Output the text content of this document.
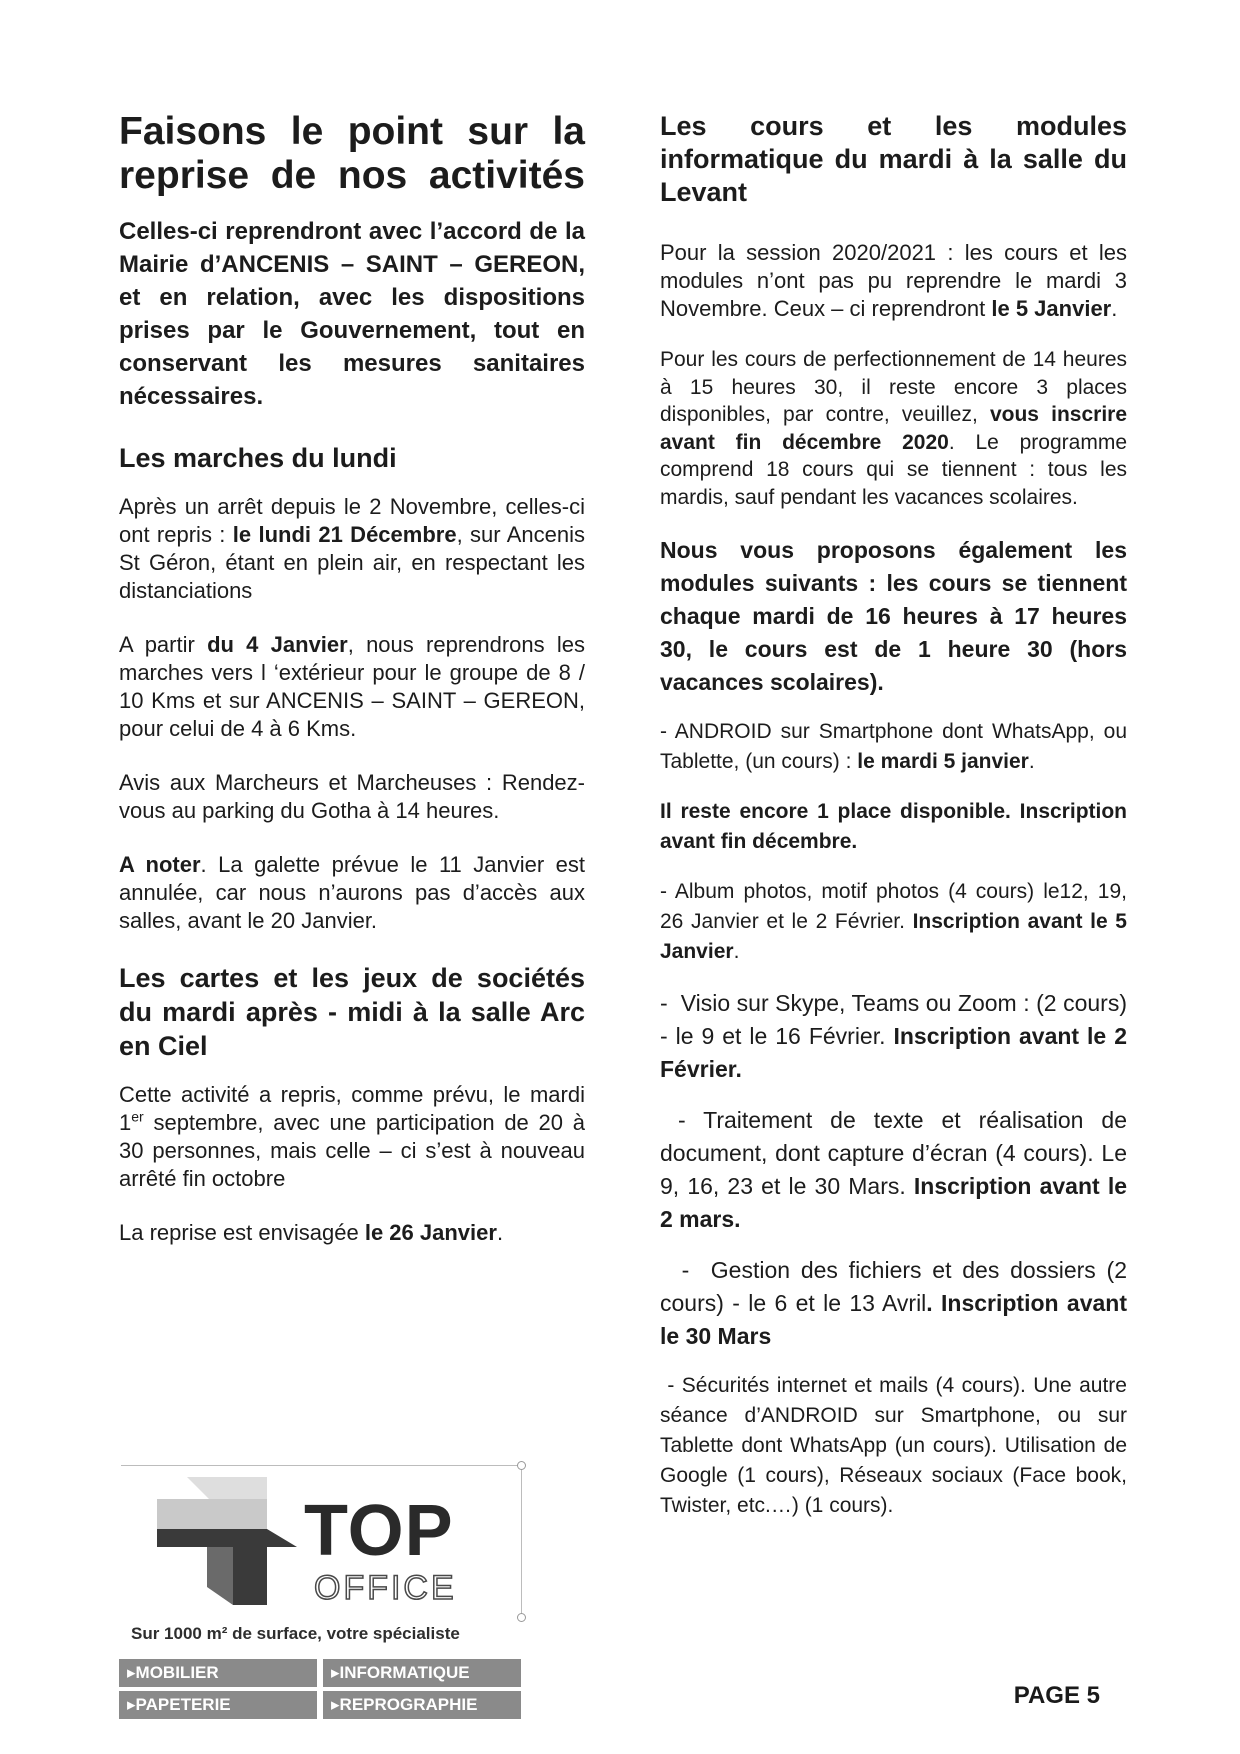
Faisons le point sur la
reprise de nos activités

Celles-ci reprendront avec l’accord de la Mairie d’ANCENIS – SAINT – GEREON, et en relation, avec les dispositions prises par le Gouvernement, tout en conservant les mesures sanitaires nécessaires.

Les marches du lundi

Après un arrêt depuis le 2 Novembre, celles-ci ont repris : le lundi 21 Décembre, sur Ancenis St Géron, étant en plein air, en respectant les distanciations

A partir du 4 Janvier, nous reprendrons les marches vers l ‘extérieur pour le groupe de 8 / 10 Kms et sur ANCENIS – SAINT – GEREON, pour celui de 4 à 6 Kms.

Avis aux Marcheurs et Marcheuses : Rendez-vous au parking du Gotha à 14 heures.

A noter. La galette prévue le 11 Janvier est annulée, car nous n’aurons pas d’accès aux salles, avant le 20 Janvier.

Les cartes et les jeux de sociétés du mardi après - midi à la salle Arc en Ciel

Cette activité a repris, comme prévu, le mardi 1er septembre, avec une participation de 20 à 30 personnes, mais celle – ci s’est à nouveau arrêté fin octobre

La reprise est envisagée le 26 Janvier.

Les cours et les modules informatique du mardi à la salle du Levant

Pour la session 2020/2021 : les cours et les modules n’ont pas pu reprendre le mardi 3 Novembre. Ceux – ci reprendront le 5 Janvier.

Pour les cours de perfectionnement de 14 heures à 15 heures 30, il reste encore 3 places disponibles, par contre, veuillez, vous inscrire avant fin décembre 2020. Le programme comprend 18 cours qui se tiennent : tous les mardis, sauf pendant les vacances scolaires.

Nous vous proposons également les modules suivants : les cours se tiennent chaque mardi de 16 heures à 17 heures 30, le cours est de 1 heure 30 (hors vacances scolaires).

- ANDROID sur Smartphone dont WhatsApp, ou Tablette, (un cours) : le mardi 5 janvier.

Il reste encore 1 place disponible. Inscription avant fin décembre.

- Album photos, motif photos (4 cours) le12, 19, 26 Janvier et le 2 Février. Inscription avant le 5 Janvier.

-  Visio sur Skype, Teams ou Zoom : (2 cours) - le 9 et le 16 Février. Inscription avant le 2 Février.

- Traitement de texte et réalisation de document, dont capture d’écran (4 cours). Le 9, 16, 23 et le 30 Mars. Inscription avant le 2 mars.

-  Gestion des fichiers et des dossiers (2 cours) - le 6 et le 13 Avril. Inscription avant le 30 Mars

- Sécurités internet et mails (4 cours). Une autre séance d’ANDROID sur Smartphone, ou sur Tablette dont WhatsApp (un cours). Utilisation de Google (1 cours), Réseaux sociaux (Face book, Twister, etc.…) (1 cours).

TOP
OFFICE
Sur 1000 m² de surface, votre spécialiste
▸MOBILIER	▸INFORMATIQUE
▸PAPETERIE	▸REPROGRAPHIE	PAGE 5
